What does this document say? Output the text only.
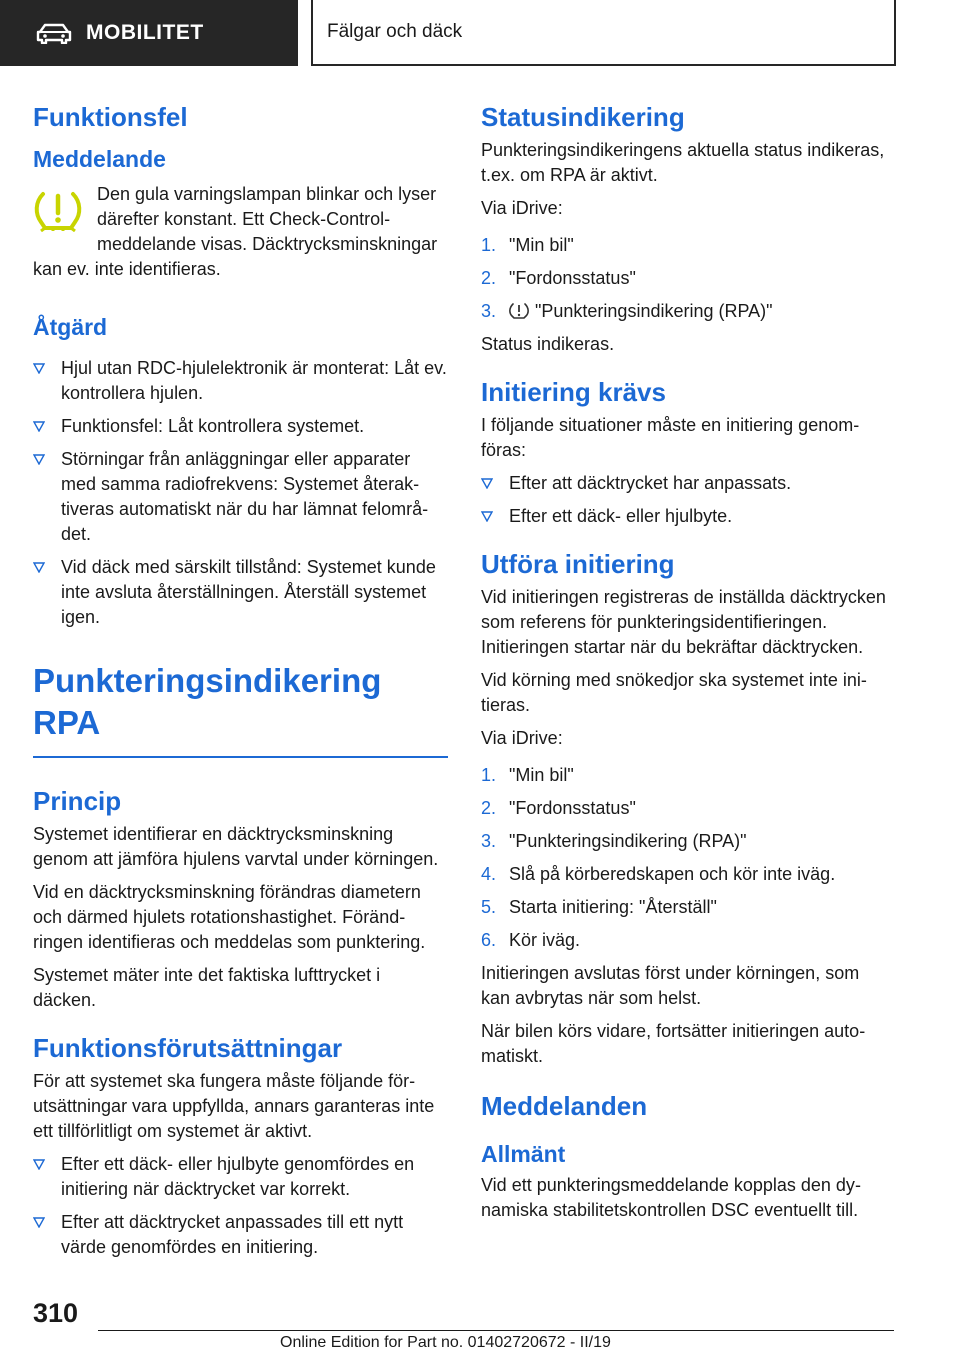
MOBILITET	Fälgar och däck
Funktionsfel
Meddelande

Den gula varningslampan blinkar och lyser därefter konstant. Ett Check-Control-meddelande visas. Däcktrycksminskningar kan ev. inte identifieras.

Åtgärd
Hjul utan RDC-hjulelektronik är monterat: Låt ev. kontrollera hjulen.
Funktionsfel: Låt kontrollera systemet.
Störningar från anläggningar eller apparater med samma radiofrekvens: Systemet återaktiveras automatiskt när du har lämnat felområdet.
Vid däck med särskilt tillstånd: Systemet kunde inte avsluta återställningen. Återställ systemet igen.
Punkteringsindikering RPA
Princip

Systemet identifierar en däcktrycksminskning genom att jämföra hjulens varvtal under körningen.

Vid en däcktrycksminskning förändras diametern och därmed hjulets rotationshastighet. Förändringen identifieras och meddelas som punktering.

Systemet mäter inte det faktiska lufttrycket i däcken.

Funktionsförutsättningar

För att systemet ska fungera måste följande förutsättningar vara uppfyllda, annars garanteras inte ett tillförlitligt om systemet är aktivt.

Efter ett däck- eller hjulbyte genomfördes en initiering när däcktrycket var korrekt.
Efter att däcktrycket anpassades till ett nytt värde genomfördes en initiering.
Statusindikering

Punkteringsindikeringens aktuella status indikeras, t.ex. om RPA är aktivt.

Via iDrive:

1. "Min bil"
2. "Fordonsstatus"
3. "Punkteringsindikering (RPA)"

Status indikeras.

Initiering krävs

I följande situationer måste en initiering genomföras:

Efter att däcktrycket har anpassats.
Efter ett däck- eller hjulbyte.
Utföra initiering

Vid initieringen registreras de inställda däcktrycken som referens för punkteringsidentifieringen. Initieringen startar när du bekräftar däcktrycken.

Vid körning med snökedjor ska systemet inte initieras.

Via iDrive:

1. "Min bil"
2. "Fordonsstatus"
3. "Punkteringsindikering (RPA)"
4. Slå på körberedskapen och kör inte iväg.
5. Starta initiering: "Återställ"
6. Kör iväg.

Initieringen avslutas först under körningen, som kan avbrytas när som helst.

När bilen körs vidare, fortsätter initieringen automatiskt.

Meddelanden
Allmänt

Vid ett punkteringsmeddelande kopplas den dynamiska stabilitetskontrollen DSC eventuellt till.

310
Online Edition for Part no. 01402720672 - II/19
